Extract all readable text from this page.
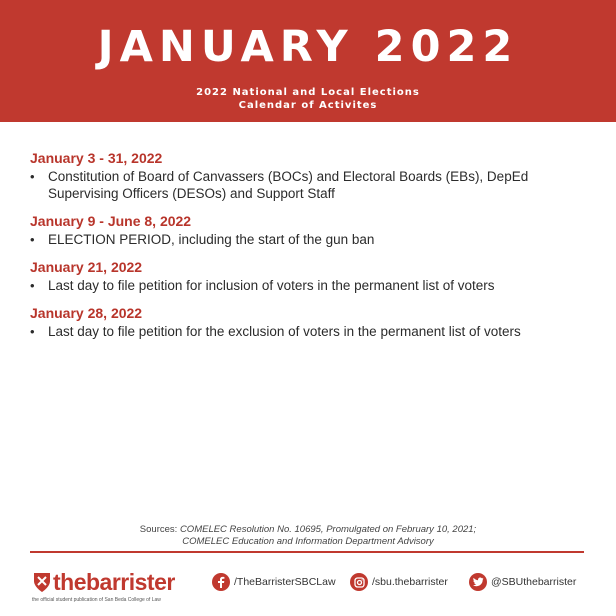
JANUARY 2022
2022 National and Local Elections
Calendar of Activites
January 3 - 31, 2022
• Constitution of Board of Canvassers (BOCs) and Electoral Boards (EBs), DepEd Supervising Officers (DESOs) and Support Staff
January 9 - June 8, 2022
• ELECTION PERIOD, including the start of the gun ban
January 21, 2022
• Last day to file petition for inclusion of voters in the permanent list of voters
January 28, 2022
• Last day to file petition for the exclusion of voters in the permanent list of voters
Sources: COMELEC Resolution No. 10695, Promulgated on February 10, 2021;
COMELEC Education and Information Department Advisory
thebarrister
the official student publication of San Beda College of Law
/TheBarristerSBCLaw	/sbu.thebarrister	@SBUthebarrister
